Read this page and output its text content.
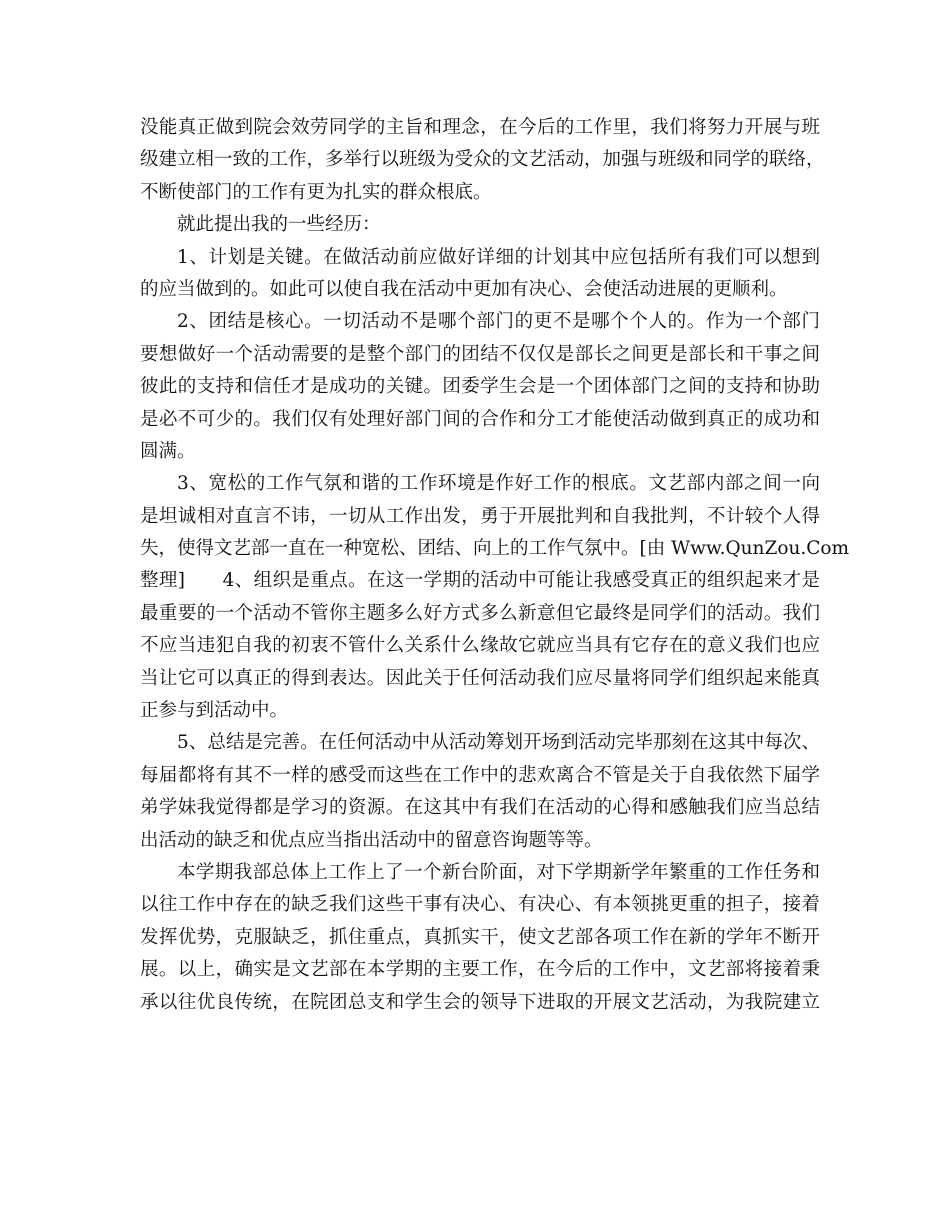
没能真正做到院会效劳同学的主旨和理念，在今后的工作里，我们将努力开展与班
级建立相一致的工作，多举行以班级为受众的文艺活动，加强与班级和同学的联络，
不断使部门的工作有更为扎实的群众根底。
就此提出我的一些经历：
1、计划是关键。在做活动前应做好详细的计划其中应包括所有我们可以想到
的应当做到的。如此可以使自我在活动中更加有决心、会使活动进展的更顺利。
2、团结是核心。一切活动不是哪个部门的更不是哪个个人的。作为一个部门
要想做好一个活动需要的是整个部门的团结不仅仅是部长之间更是部长和干事之间
彼此的支持和信任才是成功的关键。团委学生会是一个团体部门之间的支持和协助
是必不可少的。我们仅有处理好部门间的合作和分工才能使活动做到真正的成功和
圆满。
3、宽松的工作气氛和谐的工作环境是作好工作的根底。文艺部内部之间一向
是坦诚相对直言不讳，一切从工作出发，勇于开展批判和自我批判，不计较个人得
失，使得文艺部一直在一种宽松、团结、向上的工作气氛中。[由 Www.QunZou.Com
整理]      4、组织是重点。在这一学期的活动中可能让我感受真正的组织起来才是
最重要的一个活动不管你主题多么好方式多么新意但它最终是同学们的活动。我们
不应当违犯自我的初衷不管什么关系什么缘故它就应当具有它存在的意义我们也应
当让它可以真正的得到表达。因此关于任何活动我们应尽量将同学们组织起来能真
正参与到活动中。
5、总结是完善。在任何活动中从活动筹划开场到活动完毕那刻在这其中每次、
每届都将有其不一样的感受而这些在工作中的悲欢离合不管是关于自我依然下届学
弟学妹我觉得都是学习的资源。在这其中有我们在活动的心得和感触我们应当总结
出活动的缺乏和优点应当指出活动中的留意咨询题等等。
本学期我部总体上工作上了一个新台阶面，对下学期新学年繁重的工作任务和
以往工作中存在的缺乏我们这些干事有决心、有决心、有本领挑更重的担子，接着
发挥优势，克服缺乏，抓住重点，真抓实干，使文艺部各项工作在新的学年不断开
展。以上，确实是文艺部在本学期的主要工作，在今后的工作中，文艺部将接着秉
承以往优良传统，在院团总支和学生会的领导下进取的开展文艺活动，为我院建立
